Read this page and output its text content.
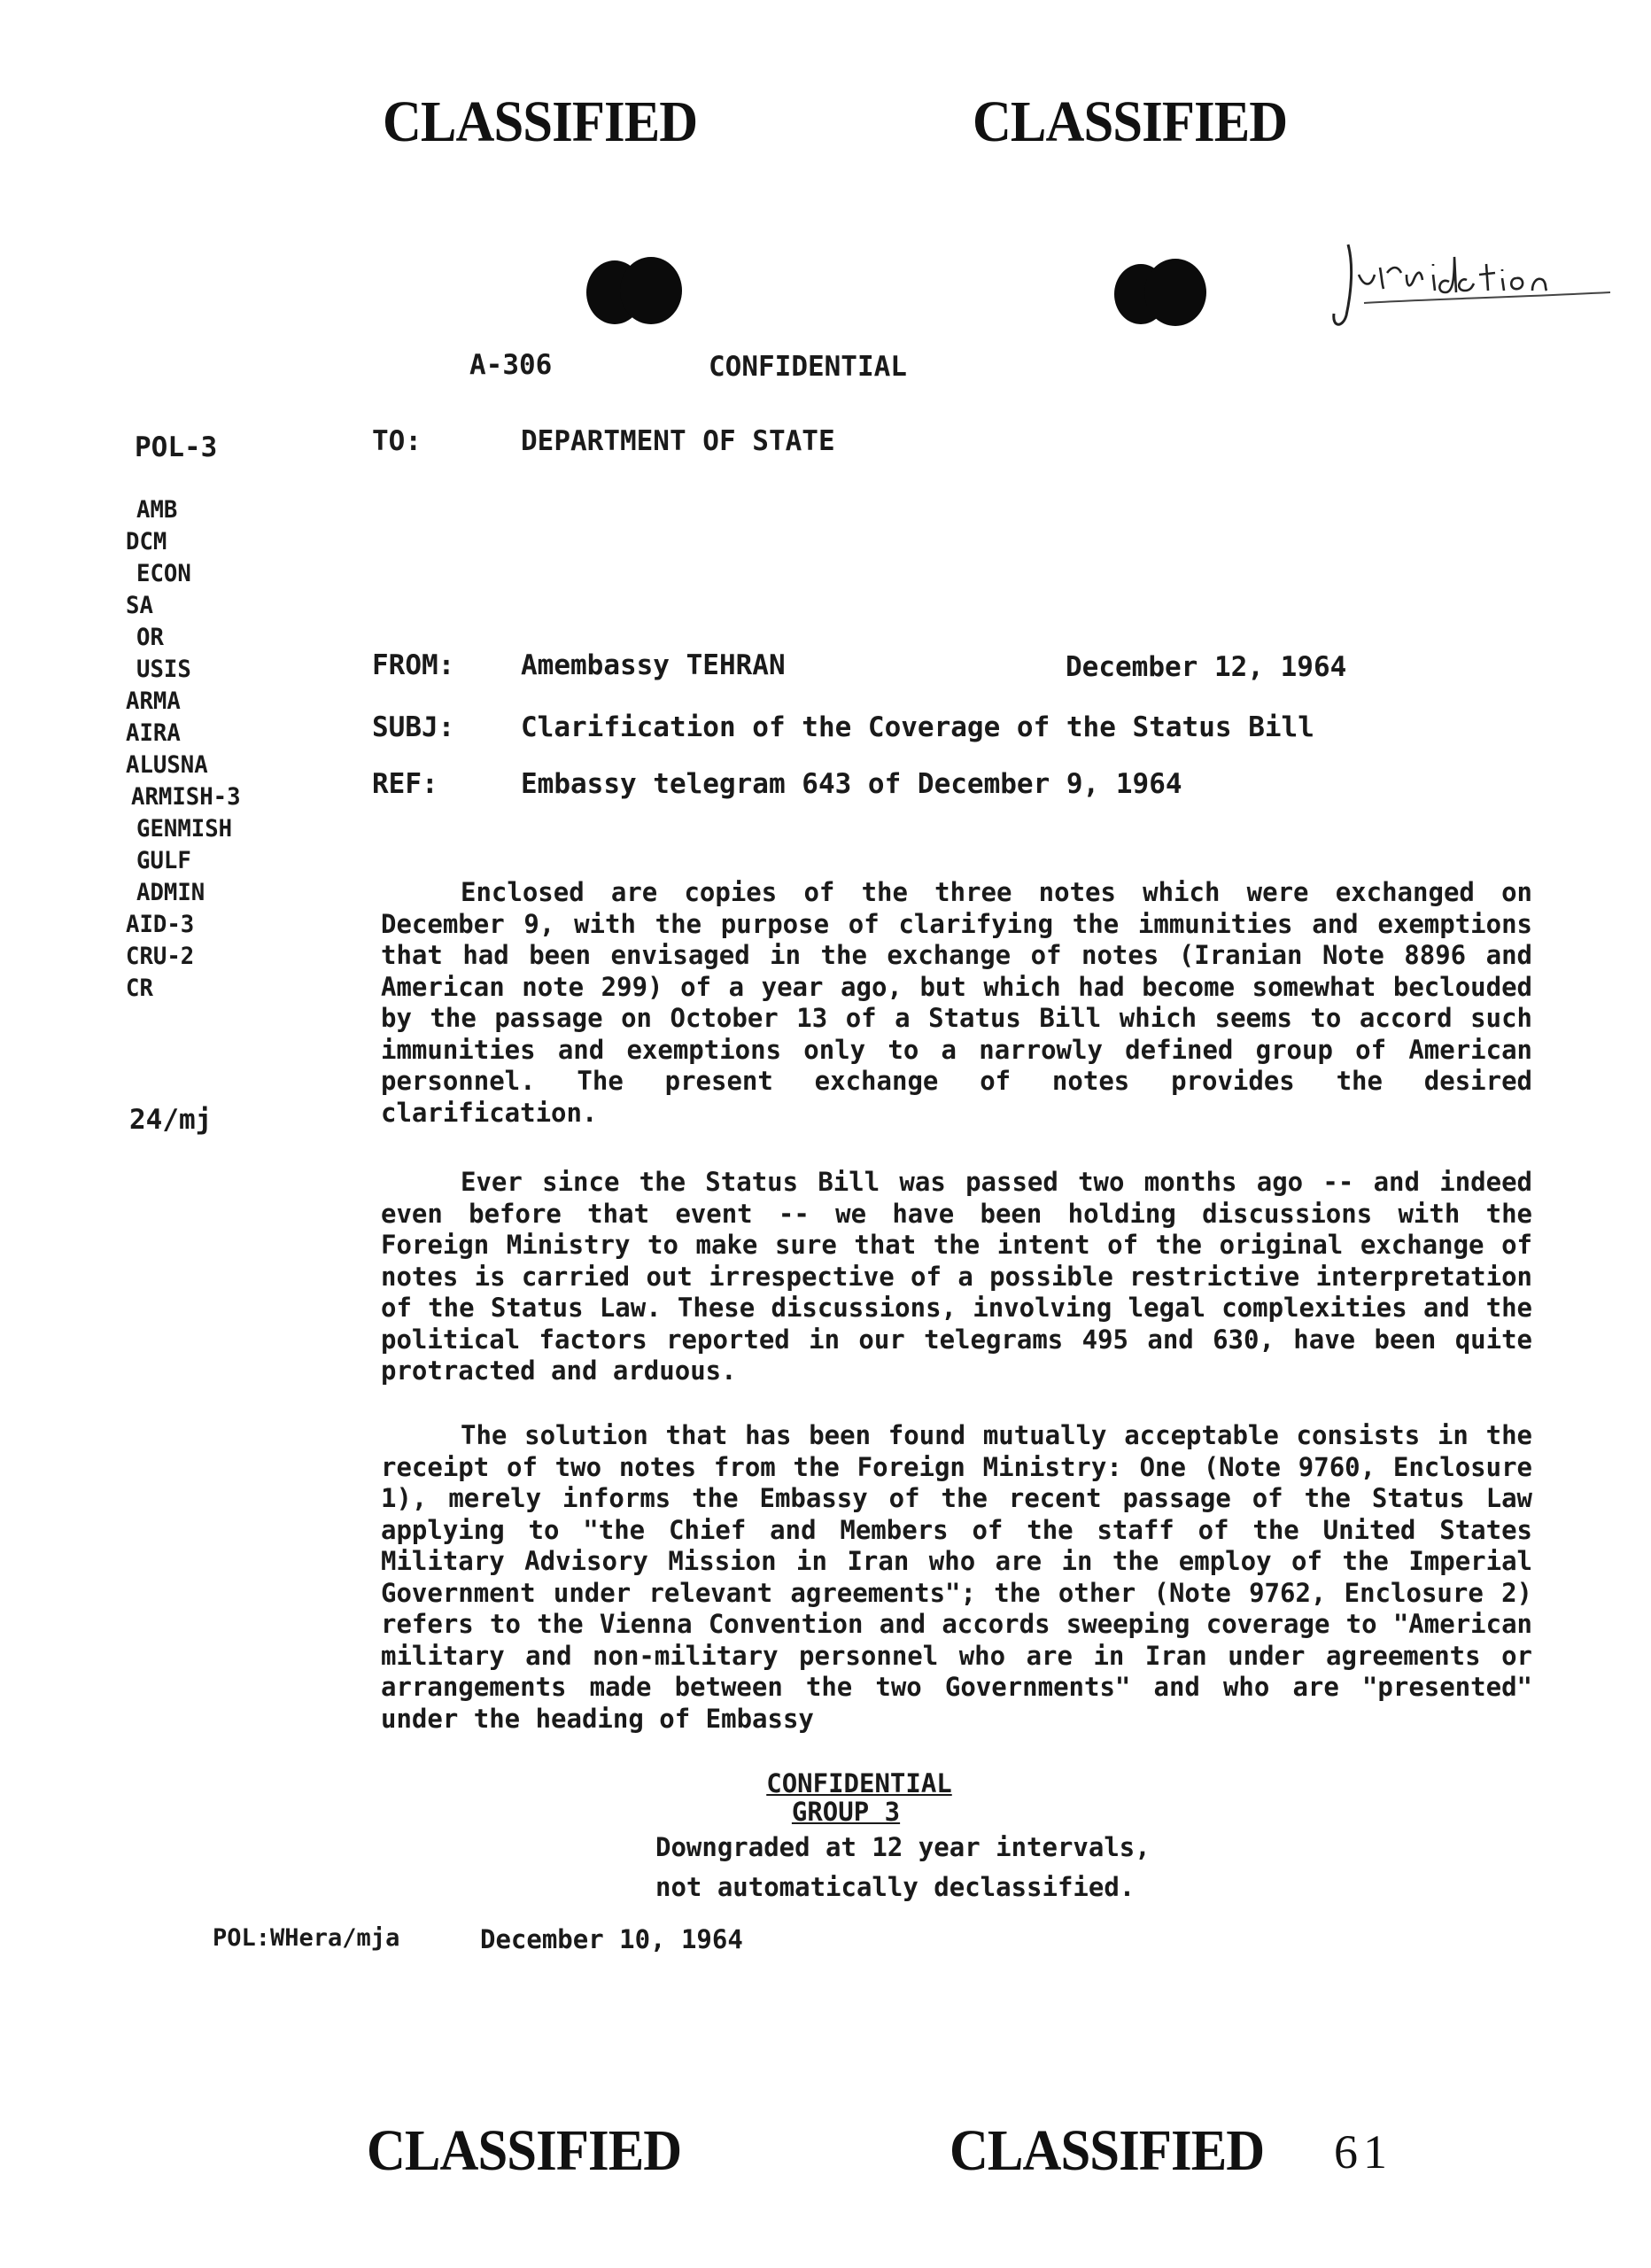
CLASSIFIED	CLASSIFIED
A-306	CONFIDENTIAL
POL-3	TO:	DEPARTMENT OF STATE
AMB
DCM
ECON
SA
OR
USIS
ARMA
AIRA
ALUSNA
ARMISH-3
GENMISH
GULF
ADMIN
AID-3
CRU-2
CR
24/mj
FROM: Amembassy TEHRAN	December 12, 1964
SUBJ: Clarification of the Coverage of the Status Bill
REF:	Embassy telegram 643 of December 9, 1964

Enclosed are copies of the three notes which were exchanged on December 9, with the purpose of clarifying the immunities and exemptions that had been envisaged in the exchange of notes (Iranian Note 8896 and American note 299) of a year ago, but which had become somewhat beclouded by the passage on October 13 of a Status Bill which seems to accord such immunities and exemptions only to a narrowly defined group of American personnel. The present exchange of notes provides the desired clarification.

Ever since the Status Bill was passed two months ago -- and indeed even before that event -- we have been holding discussions with the Foreign Ministry to make sure that the intent of the original exchange of notes is carried out irrespective of a possible restrictive interpretation of the Status Law. These discussions, involving legal complexities and the political factors reported in our telegrams 495 and 630, have been quite protracted and arduous.

The solution that has been found mutually acceptable consists in the receipt of two notes from the Foreign Ministry: One (Note 9760, Enclosure 1), merely informs the Embassy of the recent passage of the Status Law applying to "the Chief and Members of the staff of the United States Military Advisory Mission in Iran who are in the employ of the Imperial Government under relevant agreements"; the other (Note 9762, Enclosure 2) refers to the Vienna Convention and accords sweeping coverage to "American military and non-military personnel who are in Iran under agreements or arrangements made between the two Governments" and who are "presented" under the heading of Embassy

CONFIDENTIAL
GROUP 3
Downgraded at 12 year intervals,
not automatically declassified.
POL:WHera/mja	December 10, 1964
CLASSIFIED	CLASSIFIED 61
